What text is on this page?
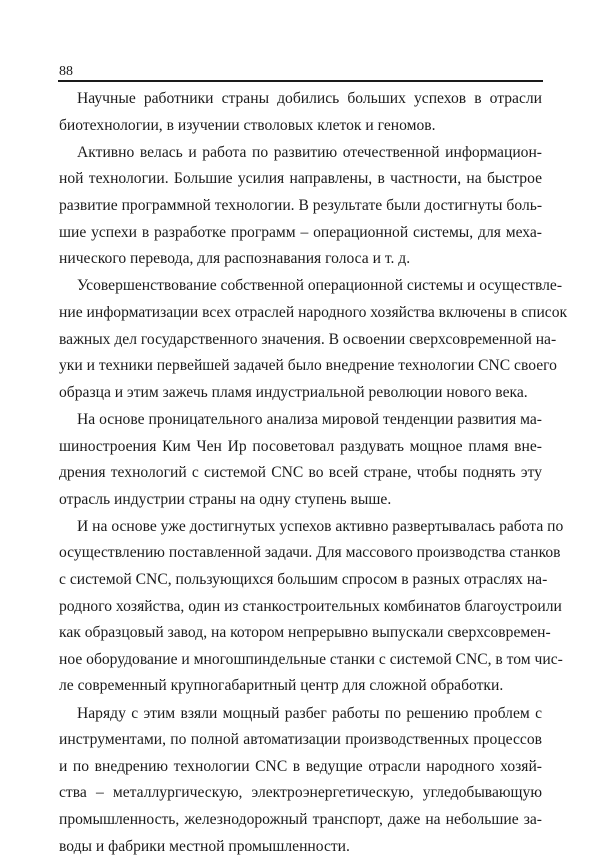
88
Научные работники страны добились больших успехов в отрасли
биотехнологии, в изучении стволовых клеток и геномов.
Активно велась и работа по развитию отечественной информацион-
ной технологии. Большие усилия направлены, в частности, на быстрое
развитие программной технологии. В результате были достигнуты боль-
шие успехи в разработке программ – операционной системы, для меха-
нического перевода, для распознавания голоса и т. д.
Усовершенствование собственной операционной системы и осуществле-
ние информатизации всех отраслей народного хозяйства включены в список
важных дел государственного значения. В освоении сверхсовременной на-
уки и техники первейшей задачей было внедрение технологии CNC своего
образца и этим зажечь пламя индустриальной революции нового века.
На основе проницательного анализа мировой тенденции развития ма-
шиностроения Ким Чен Ир посоветовал раздувать мощное пламя вне-
дрения технологий с системой CNC во всей стране, чтобы поднять эту
отрасль индустрии страны на одну ступень выше.
И на основе уже достигнутых успехов активно развертывалась работа по
осуществлению поставленной задачи. Для массового производства станков
с системой CNC, пользующихся большим спросом в разных отраслях на-
родного хозяйства, один из станкостроительных комбинатов благоустроили
как образцовый завод, на котором непрерывно выпускали сверхсовремен-
ное оборудование и многошпиндельные станки с системой CNC, в том чис-
ле современный крупногабаритный центр для сложной обработки.
Наряду с этим взяли мощный разбег работы по решению проблем с
инструментами, по полной автоматизации производственных процессов
и по внедрению технологии CNC в ведущие отрасли народного хозяй-
ства – металлургическую, электроэнергетическую, угледобывающую
промышленность, железнодорожный транспорт, даже на небольшие за-
воды и фабрики местной промышленности.
